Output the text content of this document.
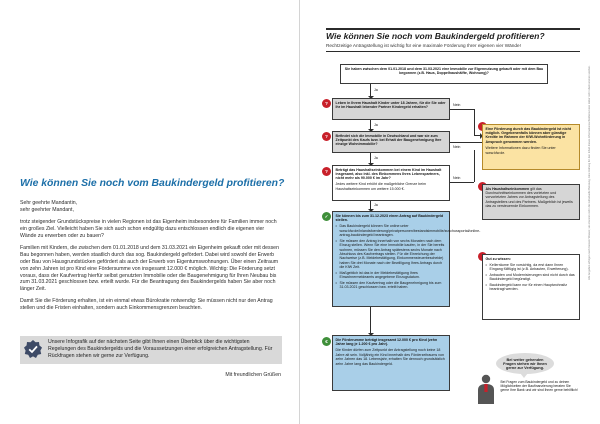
Wie können Sie noch vom Baukindergeld profitieren?

Sehr geehrte Mandantin,
sehr geehrter Mandant,

trotz steigender Grundstückspreise in vielen Regionen ist das Eigenheim insbesondere für Familien immer noch ein großes Ziel. Vielleicht haben Sie sich auch schon endgültig dazu entschlossen endlich die eigenen vier Wände zu erwerben oder zu bauen?

Familien mit Kindern, die zwischen dem 01.01.2018 und dem 31.03.2021 ein Eigenheim gekauft oder mit dessen Bau begonnen haben, werden staatlich durch das sog. Baukindergeld gefördert. Dabei wird sowohl der Erwerb oder Bau von Hausgrundstücken gefördert als auch der Erwerb von Eigentumswohnungen. Über einen Zeitraum von zehn Jahren ist pro Kind eine Fördersumme von insgesamt 12.000 € möglich. Wichtig: Die Förderung setzt voraus, dass der Kaufvertrag hierfür selbst genutzten Immobilie oder die Baugenehmigung für Ihren Neubau bis zum 31.03.2021 geschlossen bzw. erteilt wurde. Für die Beantragung des Baukindergelds haben Sie aber noch länger Zeit.

Damit Sie die Förderung erhalten, ist ein einmal etwas Bürokratie notwendig: Sie müssen nicht nur den Antrag stellen und die Fristen einhalten, sondern auch Einkommensgrenzen beachten.

Unsere Infografik auf der nächsten Seite gibt Ihnen einen Überblick über die wichtigsten Regelungen des Baukindergelds und die Voraussetzungen einer erfolgreichen Antragstellung. Für Rückfragen stehen wir gerne zur Verfügung.
Mit freundlichen Grüßen
Wie können Sie noch vom Baukindergeld profitieren?
Rechtzeitige Antragstellung ist wichtig für eine maximale Förderung Ihrer eigenen vier Wände!
Sie haben zwischen dem 01.01.2018 und dem 31.03.2021 eine Immobilie zur Eigennutzung gekauft oder mit dem Bau begonnen (z.B. Haus, Doppelhaushälfte, Wohnung)?
Ja
?	Leben in Ihrem Haushalt Kinder unter 18 Jahren, für die Sie oder Ihr im Haushalt lebender Partner Kindergeld erhalten?	Nein
Ja
?	Befindet sich die Immobilie in Deutschland und war sie zum Zeitpunkt des Kaufs bzw. bei Erhalt der Baugenehmigung Ihre einzige Wohnimmobilie?
Nein
Ja
?	Beträgt das Haushaltseinkommen bei einem Kind im Haushalt insgesamt, also inkl. des Einkommens Ihres Lebenspartners, nicht mehr als 90.000 € im Jahr?
Jedes weitere Kind erhöht die maßgebliche Grenze beim Haushaltseinkommen um weitere 15.000 €.
Nein
Ja
Eine Förderung durch das Baukindergeld ist nicht möglich. Gegebenenfalls können aber günstige Kredite im Rahmen der KfW-Wohnförderung in Anspruch genommen werden.
Weitere Informationen dazu finden Sie unter www.kfw.de.
Als Haushaltseinkommen gilt das Durchschnittseinkommen des vorletzten und vorvorletzten Jahres vor Antragstellung des Antragstellers und des Partners. Maßgeblich ist jeweils das zu versteuernde Einkommen.
✓	Sie können bis zum 31.12.2023 einen Antrag auf Baukindergeld stellen.
• Das Baukindergeld können Sie online unter www.kfw.de/inlandsfoerderung/privatpersonen/bestandsimmobilie/zuschussportal/online-antrag-baukindergeld beantragen.
• Sie müssen den Antrag innerhalb von sechs Monaten nach dem Einzug stellen. Wenn Sie eine Immobilie kaufen, in der Sie bereits wohnen, müssen Sie den Antrag spätestens sechs Monate nach Abschluss des Kaufvertrags stellen. Für die Einreichung der Nachweise (z.B. Meldebestätigung, Einkommensteuerbescheide) haben Sie drei Monate nach der Bewilligung Ihres Antrags durch die KfW Zeit.
• Maßgeblich ist das in der Meldebestätigung Ihres Einwohnermeldeamts angegebene Einzugsdatum.
• Sie müssen den Kaufvertrag oder die Baugenehmigung bis zum 31.03.2021 geschlossen bzw. erteilt haben.
Gut zu wissen:
• Kellerräume Sie vorsichtig, da erst dann Ihnen Eingang füllfügig ist (z.B. Anbauten, Erweiterung).
• Anbauten und Modernisierungen sind nicht durch das Baukindergeld begünstigt.
• Baukindergeld kann nur für einen Hauptwohnsitz beantragt werden.
€	Die Förderumme beträgt insgesamt 12.000 € pro Kind (zehn Jahre lang je 1.200 € pro Jahr).
Die Kinder dürfen zum Zeitpunkt der Antragstellung noch keine 18 Jahre alt sein. Volljährig ein Kind innerhalb des Förderzeitraums von zehn Jahren das 18. Lebensjahr, erhalten Sie dennoch grundsätzlich zehn Jahre lang das Baukindergeld.
Bei weiter gehenden Fragen stehen wir Ihnen gerne zur Verfügung.
Bei Fragen zum Baukindergeld und zu deinen Möglichkeiten der Baufinanzierung beraten Sie gerne Ihre Bank und wir sind Ihnen gerne behilflich!
Alle Angaben erfolgen nach bestem Wissen; sie ersetzen nicht die individuelle Beratung. Eine Haftung für den Inhalt dieses Informationsschreibens kann daher nicht übernommen werden.
